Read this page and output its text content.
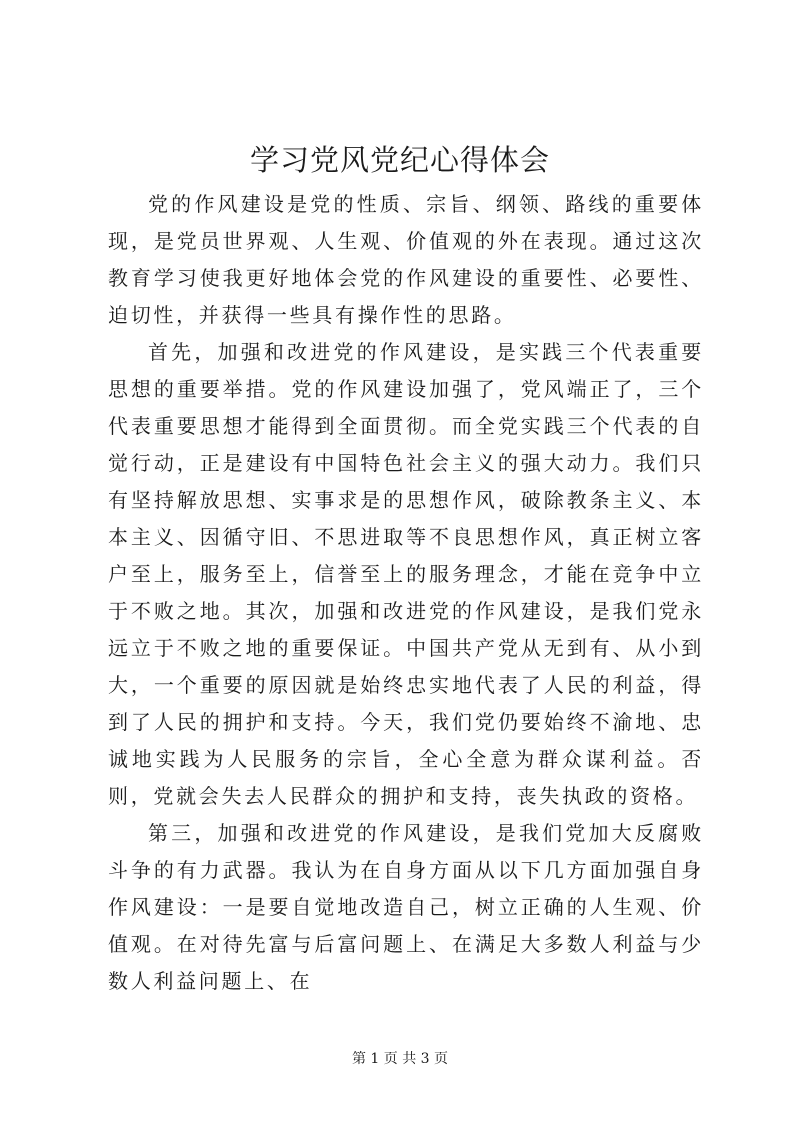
学习党风党纪心得体会

党的作风建设是党的性质、宗旨、纲领、路线的重要体现，是党员世界观、人生观、价值观的外在表现。通过这次教育学习使我更好地体会党的作风建设的重要性、必要性、迫切性，并获得一些具有操作性的思路。

首先，加强和改进党的作风建设，是实践三个代表重要思想的重要举措。党的作风建设加强了，党风端正了，三个代表重要思想才能得到全面贯彻。而全党实践三个代表的自觉行动，正是建设有中国特色社会主义的强大动力。我们只有坚持解放思想、实事求是的思想作风，破除教条主义、本本主义、因循守旧、不思进取等不良思想作风，真正树立客户至上，服务至上，信誉至上的服务理念，才能在竞争中立于不败之地。其次，加强和改进党的作风建设，是我们党永远立于不败之地的重要保证。中国共产党从无到有、从小到大，一个重要的原因就是始终忠实地代表了人民的利益，得到了人民的拥护和支持。今天，我们党仍要始终不渝地、忠诚地实践为人民服务的宗旨，全心全意为群众谋利益。否则，党就会失去人民群众的拥护和支持，丧失执政的资格。

第三，加强和改进党的作风建设，是我们党加大反腐败斗争的有力武器。我认为在自身方面从以下几方面加强自身作风建设：一是要自觉地改造自己，树立正确的人生观、价值观。在对待先富与后富问题上、在满足大多数人利益与少数人利益问题上、在

第 1 页 共 3 页
